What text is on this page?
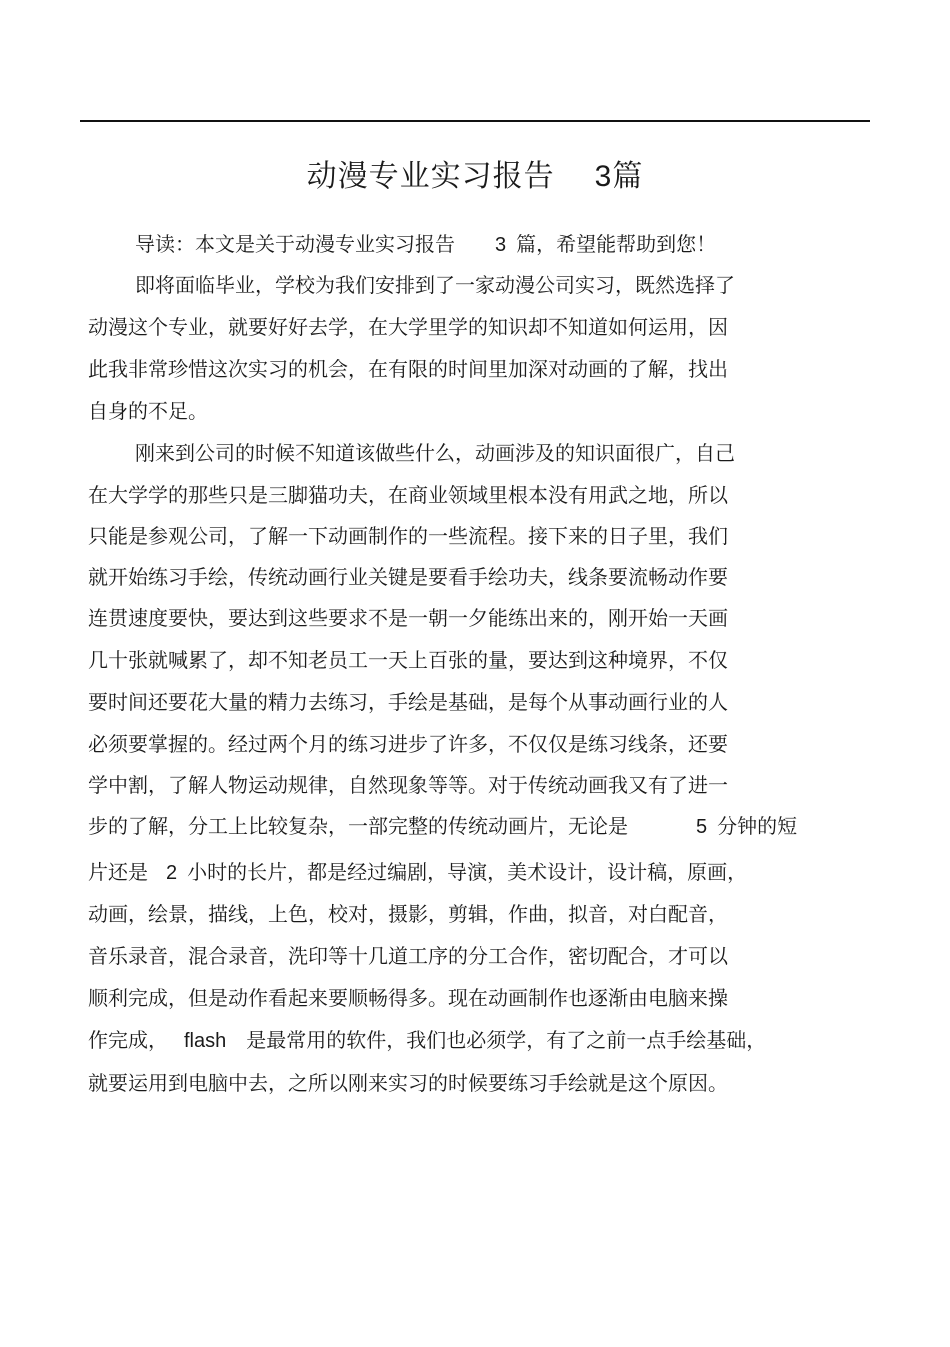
动漫专业实习报告 3篇
导读：本文是关于动漫专业实习报告 3 篇，希望能帮助到您！
即将面临毕业，学校为我们安排到了一家动漫公司实习，既然选择了
动漫这个专业，就要好好去学，在大学里学的知识却不知道如何运用，因
此我非常珍惜这次实习的机会，在有限的时间里加深对动画的了解，找出
自身的不足。
刚来到公司的时候不知道该做些什么，动画涉及的知识面很广，自己
在大学学的那些只是三脚猫功夫，在商业领域里根本没有用武之地，所以
只能是参观公司，了解一下动画制作的一些流程。接下来的日子里，我们
就开始练习手绘，传统动画行业关键是要看手绘功夫，线条要流畅动作要
连贯速度要快，要达到这些要求不是一朝一夕能练出来的，刚开始一天画
几十张就喊累了，却不知老员工一天上百张的量，要达到这种境界，不仅
要时间还要花大量的精力去练习，手绘是基础，是每个从事动画行业的人
必须要掌握的。经过两个月的练习进步了许多，不仅仅是练习线条，还要
学中割，了解人物运动规律，自然现象等等。对于传统动画我又有了进一
步的了解，分工上比较复杂，一部完整的传统动画片，无论是	5 分钟的短
片还是 2 小时的长片，都是经过编剧，导演，美术设计，设计稿，原画，
动画，绘景，描线，上色，校对，摄影，剪辑，作曲，拟音，对白配音，
音乐录音，混合录音，洗印等十几道工序的分工合作，密切配合，才可以
顺利完成，但是动作看起来要顺畅得多。现在动画制作也逐渐由电脑来操
作完成， flash 是最常用的软件，我们也必须学，有了之前一点手绘基础，
就要运用到电脑中去，之所以刚来实习的时候要练习手绘就是这个原因。
